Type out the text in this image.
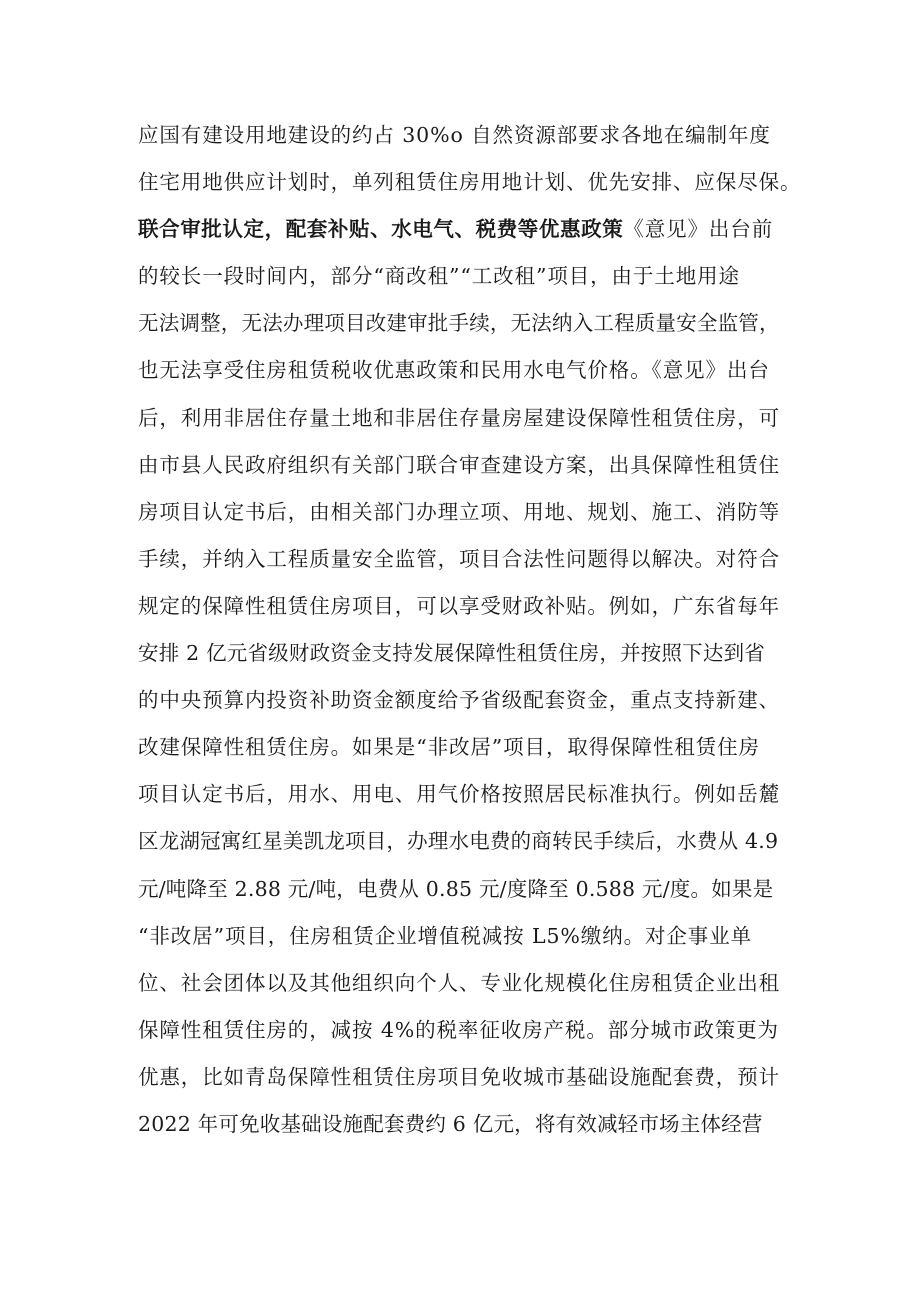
应国有建设用地建设的约占 30%o 自然资源部要求各地在编制年度
住宅用地供应计划时，单列租赁住房用地计划、优先安排、应保尽保。
联合审批认定，配套补贴、水电气、税费等优惠政策《意见》出台前
的较长一段时间内，部分“商改租”“工改租”项目，由于土地用途
无法调整，无法办理项目改建审批手续，无法纳入工程质量安全监管，
也无法享受住房租赁税收优惠政策和民用水电气价格。《意见》出台
后，利用非居住存量土地和非居住存量房屋建设保障性租赁住房，可
由市县人民政府组织有关部门联合审查建设方案，出具保障性租赁住
房项目认定书后，由相关部门办理立项、用地、规划、施工、消防等
手续，并纳入工程质量安全监管，项目合法性问题得以解决。对符合
规定的保障性租赁住房项目，可以享受财政补贴。例如，广东省每年
安排 2 亿元省级财政资金支持发展保障性租赁住房，并按照下达到省
的中央预算内投资补助资金额度给予省级配套资金，重点支持新建、
改建保障性租赁住房。如果是“非改居”项目，取得保障性租赁住房
项目认定书后，用水、用电、用气价格按照居民标准执行。例如岳麓
区龙湖冠寓红星美凯龙项目，办理水电费的商转民手续后，水费从 4.9
元/吨降至 2.88 元/吨，电费从 0.85 元/度降至 0.588 元/度。如果是
“非改居”项目，住房租赁企业增值税减按 L5%缴纳。对企事业单
位、社会团体以及其他组织向个人、专业化规模化住房租赁企业出租
保障性租赁住房的，减按 4%的税率征收房产税。部分城市政策更为
优惠，比如青岛保障性租赁住房项目免收城市基础设施配套费，预计
2022 年可免收基础设施配套费约 6 亿元，将有效减轻市场主体经营
